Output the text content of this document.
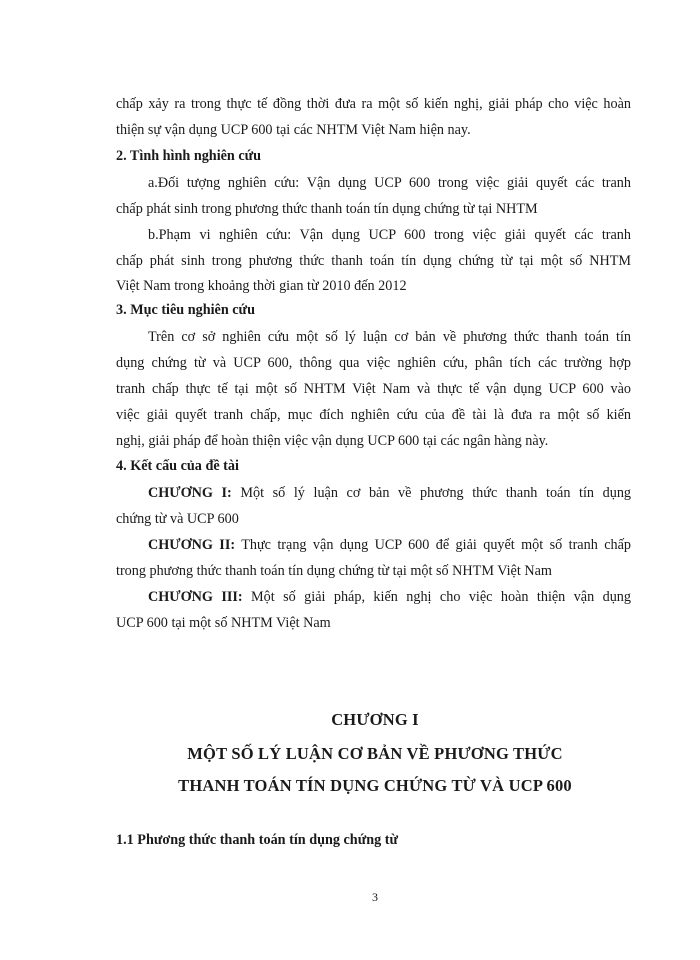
chấp xảy ra trong thực tế đồng thời đưa ra một số kiến nghị, giải pháp cho việc hoàn
thiện sự vận dụng UCP 600 tại các NHTM Việt Nam hiện nay.
2. Tình hình nghiên cứu
a.Đối tượng nghiên cứu: Vận dụng UCP 600 trong việc giải quyết các tranh
chấp phát sinh trong phương thức thanh toán tín dụng chứng từ tại NHTM
b.Phạm vi nghiên cứu: Vận dụng UCP 600 trong việc giải quyết các tranh
chấp phát sinh trong phương thức thanh toán tín dụng chứng từ tại một số NHTM
Việt Nam trong khoảng thời gian từ 2010 đến 2012
3. Mục tiêu nghiên cứu
Trên cơ sở nghiên cứu một số lý luận cơ bản về phương thức thanh toán tín
dụng chứng từ và UCP 600, thông qua việc nghiên cứu, phân tích các trường hợp
tranh chấp thực tế tại một số NHTM Việt Nam và thực tế vận dụng UCP 600 vào
việc giải quyết tranh chấp, mục đích nghiên cứu của đề tài là đưa ra một số kiến
nghị, giải pháp để hoàn thiện việc vận dụng UCP 600 tại các ngân hàng này.
4. Kết cấu của đề tài
CHƯƠNG I: Một số lý luận cơ bản về phương thức thanh toán tín dụng
chứng từ và UCP 600
CHƯƠNG II: Thực trạng vận dụng UCP 600 để giải quyết một số tranh chấp
trong phương thức thanh toán tín dụng chứng từ tại một số NHTM Việt Nam
CHƯƠNG III: Một số giải pháp, kiến nghị cho việc hoàn thiện vận dụng
UCP 600 tại một số NHTM Việt Nam
CHƯƠNG I
MỘT SỐ LÝ LUẬN CƠ BẢN VỀ PHƯƠNG THỨC
THANH TOÁN TÍN DỤNG CHỨNG TỪ VÀ UCP 600
1.1 Phương thức thanh toán tín dụng chứng từ
3
